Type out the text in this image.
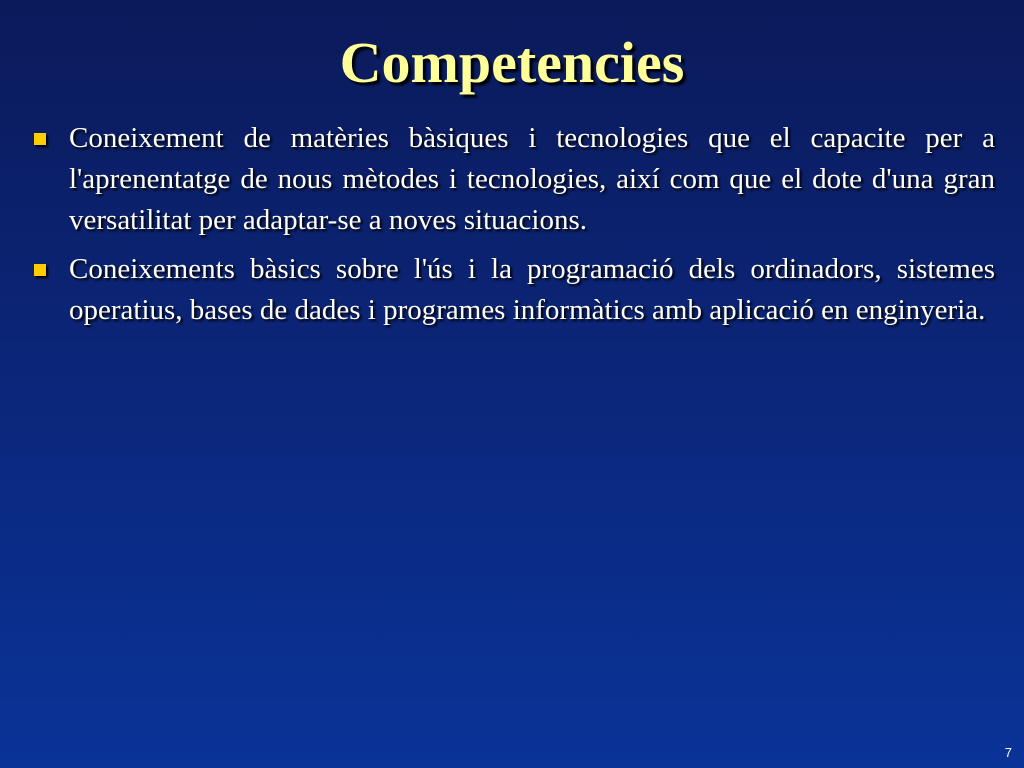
Competencies
Coneixement de matèries bàsiques i tecnologies que el capacite per a l'aprenentatge de nous mètodes i tecnologies, així com que el dote d'una gran versatilitat per adaptar-se a noves situacions.
Coneixements bàsics sobre l'ús i la programació dels ordinadors, sistemes operatius, bases de dades i programes informàtics amb aplicació en enginyeria.
7
